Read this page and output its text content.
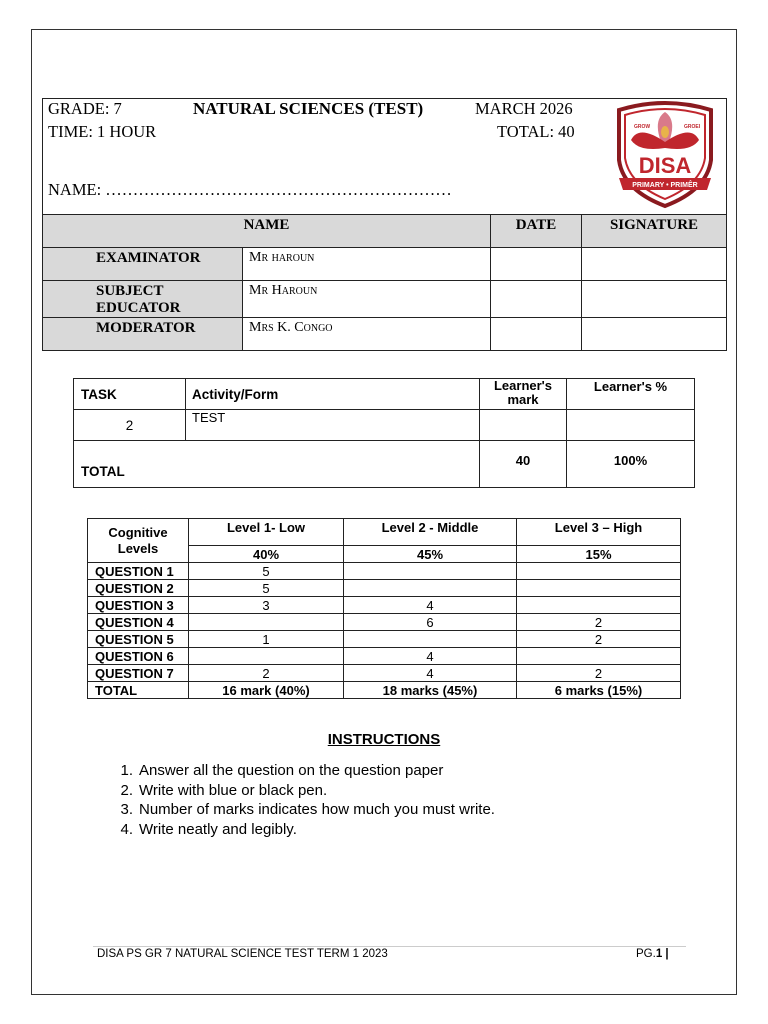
GRADE: 7	NATURAL SCIENCES (TEST)	MARCH 2026
TIME: 1 HOUR	TOTAL: 40
NAME: ………………………………………………………
GROW	GROEI
DISA
PRIMARY • PRIMÊR
NAME		DATE	SIGNATURE
EXAMINATOR	Mr haroun		
SUBJECT EDUCATOR	Mr Haroun		
MODERATOR	Mrs K. Congo		
TASK	Activity/Form	Learner's mark	Learner's %
2	TEST		
TOTAL		40	100%
Cognitive Levels	Level 1- Low	Level 2 - Middle	Level 3 – High
	40%	45%	15%
QUESTION 1	5		
QUESTION 2	5		
QUESTION 3	3	4	
QUESTION 4		6	2
QUESTION 5	1		2
QUESTION 6		4	
QUESTION 7	2	4	2
TOTAL	16 mark (40%)	18 marks (45%)	6 marks (15%)
INSTRUCTIONS
1. Answer all the question on the question paper
2. Write with blue or black pen.
3. Number of marks indicates how much you must write.
4. Write neatly and legibly.
DISA PS GR 7 NATURAL SCIENCE TEST TERM 1 2023	PG.1 |
